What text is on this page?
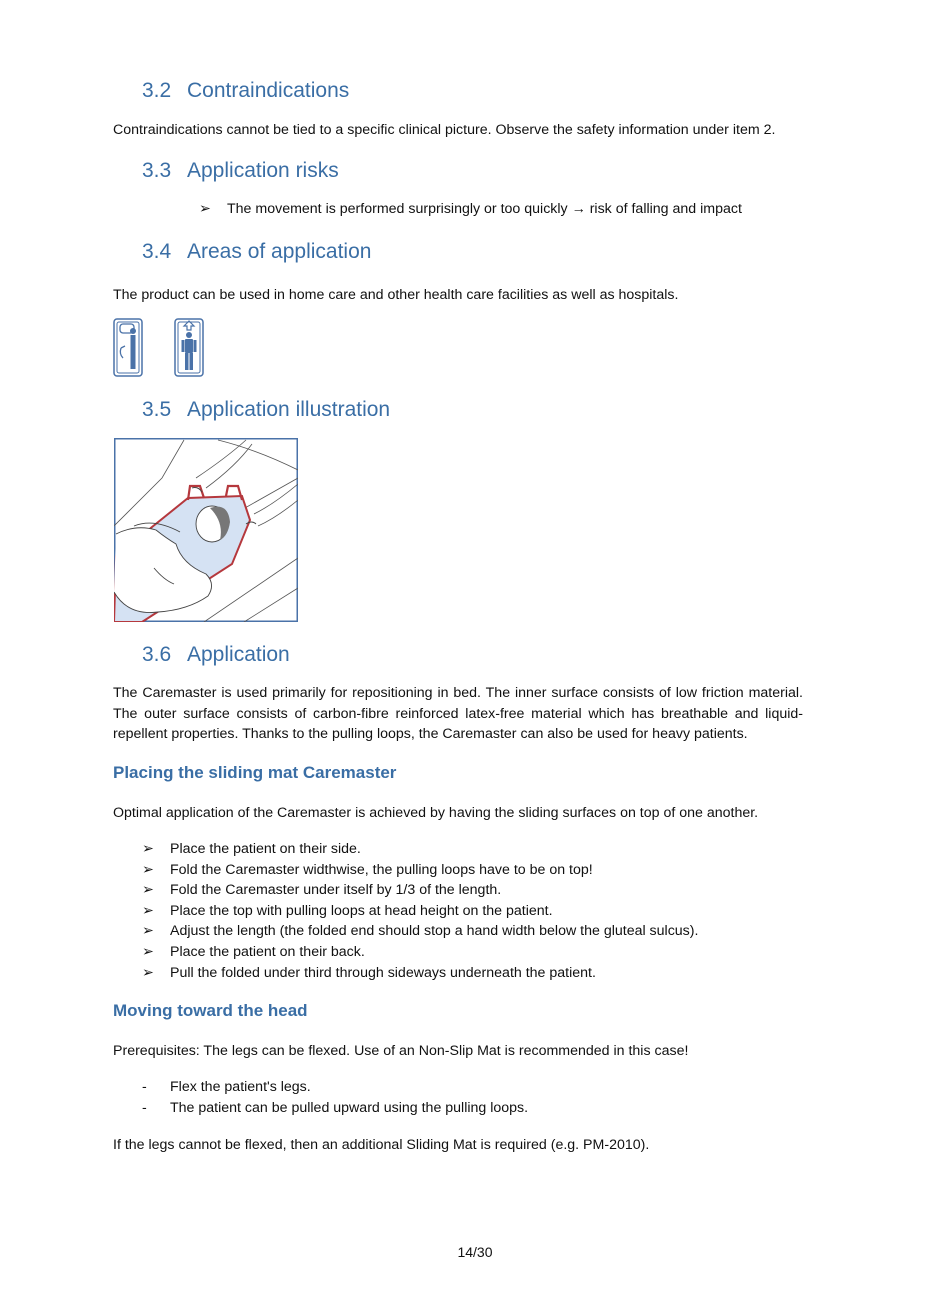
3.2 Contraindications
Contraindications cannot be tied to a specific clinical picture. Observe the safety information under item 2.
3.3 Application risks
➢ The movement is performed surprisingly or too quickly → risk of falling and impact
3.4 Areas of application
The product can be used in home care and other health care facilities as well as hospitals.
3.5 Application illustration
3.6 Application
The Caremaster is used primarily for repositioning in bed. The inner surface consists of low friction material. The outer surface consists of carbon-fibre reinforced latex-free material which has breathable and liquid-repellent properties. Thanks to the pulling loops, the Caremaster can also be used for heavy patients.
Placing the sliding mat Caremaster
Optimal application of the Caremaster is achieved by having the sliding surfaces on top of one another.
➢ Place the patient on their side.
➢ Fold the Caremaster widthwise, the pulling loops have to be on top!
➢ Fold the Caremaster under itself by 1/3 of the length.
➢ Place the top with pulling loops at head height on the patient.
➢ Adjust the length (the folded end should stop a hand width below the gluteal sulcus).
➢ Place the patient on their back.
➢ Pull the folded under third through sideways underneath the patient.
Moving toward the head
Prerequisites: The legs can be flexed. Use of an Non-Slip Mat is recommended in this case!
- Flex the patient's legs.
- The patient can be pulled upward using the pulling loops.
If the legs cannot be flexed, then an additional Sliding Mat is required (e.g. PM-2010).
14/30
